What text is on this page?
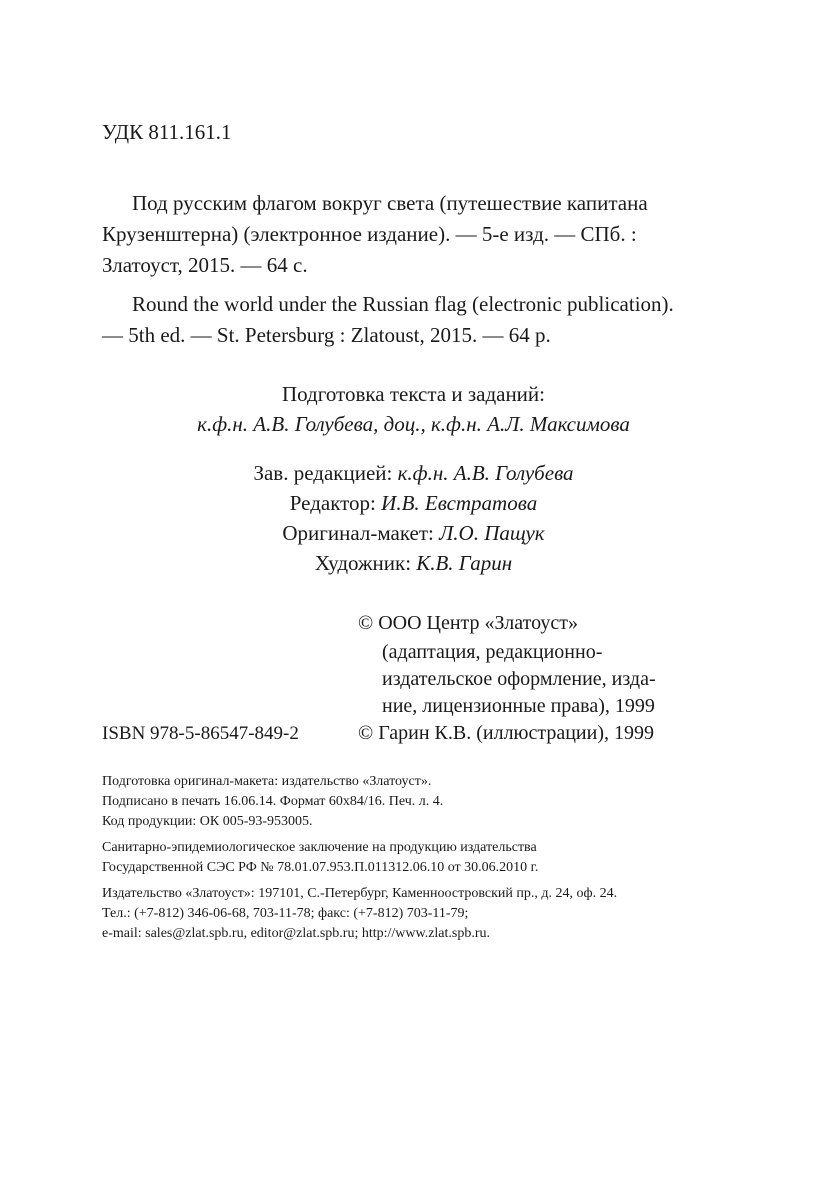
УДК 811.161.1
Под русским флагом вокруг света (путешествие капитана
Крузенштерна) (электронное издание). — 5-е изд. — СПб. :
Златоуст, 2015. — 64 с.
Round the world under the Russian flag (electronic publication).
— 5th ed. — St. Petersburg : Zlatoust, 2015. — 64 p.
Подготовка текста и заданий:
к.ф.н. А.В. Голубева, доц., к.ф.н. А.Л. Максимова
Зав. редакцией: к.ф.н. А.В. Голубева
Редактор: И.В. Евстратова
Оригинал-макет: Л.О. Пащук
Художник: К.В. Гарин
© ООО Центр «Златоуст»
(адаптация, редакционно-
издательское оформление, изда-
ние, лицензионные права), 1999
© Гарин К.В. (иллюстрации), 1999
ISBN 978-5-86547-849-2
Подготовка оригинал-макета: издательство «Златоуст».
Подписано в печать 16.06.14. Формат 60х84/16. Печ. л. 4.
Код продукции: ОК 005-93-953005.
Санитарно-эпидемиологическое заключение на продукцию издательства
Государственной СЭС РФ № 78.01.07.953.П.011312.06.10 от 30.06.2010 г.
Издательство «Златоуст»: 197101, С.-Петербург, Каменноостровский пр., д. 24, оф. 24.
Тел.: (+7-812) 346-06-68, 703-11-78; факс: (+7-812) 703-11-79;
e-mail: sales@zlat.spb.ru, editor@zlat.spb.ru; http://www.zlat.spb.ru.
